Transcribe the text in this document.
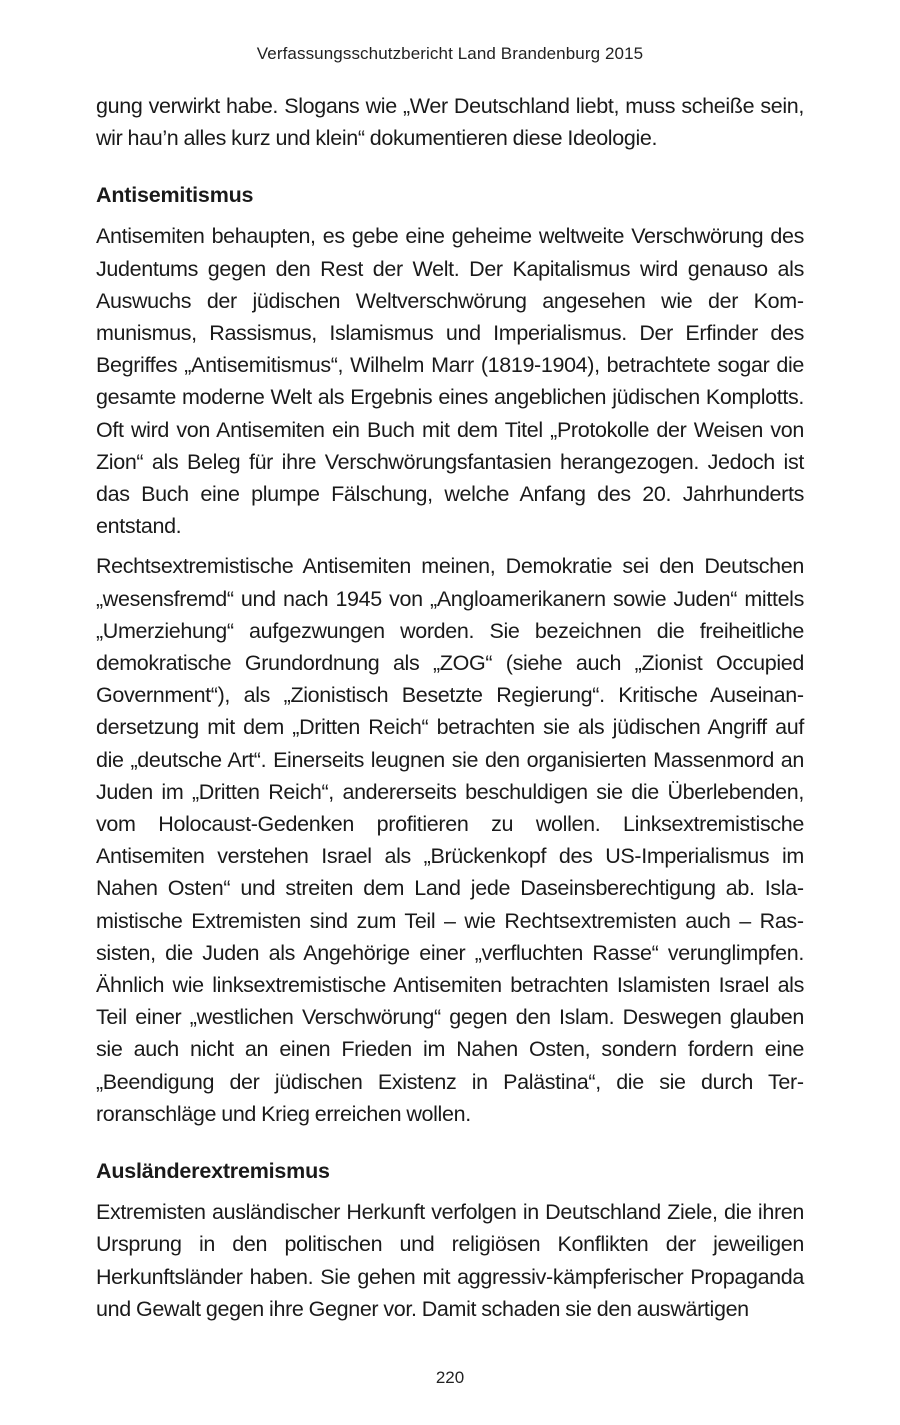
Verfassungsschutzbericht Land Brandenburg 2015

gung verwirkt habe. Slogans wie „Wer Deutschland liebt, muss scheiße sein, wir hau’n alles kurz und klein“ dokumentieren diese Ideologie.

Antisemitismus

Antisemiten behaupten, es gebe eine geheime weltweite Verschwörung des Judentums gegen den Rest der Welt. Der Kapitalismus wird genauso als Auswuchs der jüdischen Weltverschwörung angesehen wie der Kommunismus, Rassismus, Islamismus und Imperialismus. Der Erfinder des Begriffes „Antisemitismus“, Wilhelm Marr (1819-1904), betrachtete sogar die gesamte moderne Welt als Ergebnis eines angeblichen jüdischen Komplotts. Oft wird von Antisemiten ein Buch mit dem Titel „Protokolle der Weisen von Zion“ als Beleg für ihre Verschwörungsfantasien herangezogen. Jedoch ist das Buch eine plumpe Fälschung, welche Anfang des 20. Jahrhunderts entstand.

Rechtsextremistische Antisemiten meinen, Demokratie sei den Deutschen „wesensfremd“ und nach 1945 von „Angloamerikanern sowie Juden“ mittels „Umerziehung“ aufgezwungen worden. Sie bezeichnen die freiheitliche demokratische Grundordnung als „ZOG“ (siehe auch „Zionist Occupied Government“), als „Zionistisch Besetzte Regierung“. Kritische Auseinandersetzung mit dem „Dritten Reich“ betrachten sie als jüdischen Angriff auf die „deutsche Art“. Einerseits leugnen sie den organisierten Massenmord an Juden im „Dritten Reich“, andererseits beschuldigen sie die Überlebenden, vom Holocaust-Gedenken profitieren zu wollen. Linksextremistische Antisemiten verstehen Israel als „Brückenkopf des US-Imperialismus im Nahen Osten“ und streiten dem Land jede Daseinsberechtigung ab. Islamistische Extremisten sind zum Teil – wie Rechtsextremisten auch – Rassisten, die Juden als Angehörige einer „verfluchten Rasse“ verunglimpfen. Ähnlich wie linksextremistische Antisemiten betrachten Islamisten Israel als Teil einer „westlichen Verschwörung“ gegen den Islam. Deswegen glauben sie auch nicht an einen Frieden im Nahen Osten, sondern fordern eine „Beendigung der jüdischen Existenz in Palästina“, die sie durch Terroranschläge und Krieg erreichen wollen.

Ausländerextremismus

Extremisten ausländischer Herkunft verfolgen in Deutschland Ziele, die ihren Ursprung in den politischen und religiösen Konflikten der jeweiligen Herkunftsländer haben. Sie gehen mit aggressiv-kämpferischer Propaganda und Gewalt gegen ihre Gegner vor. Damit schaden sie den auswärtigen

220
